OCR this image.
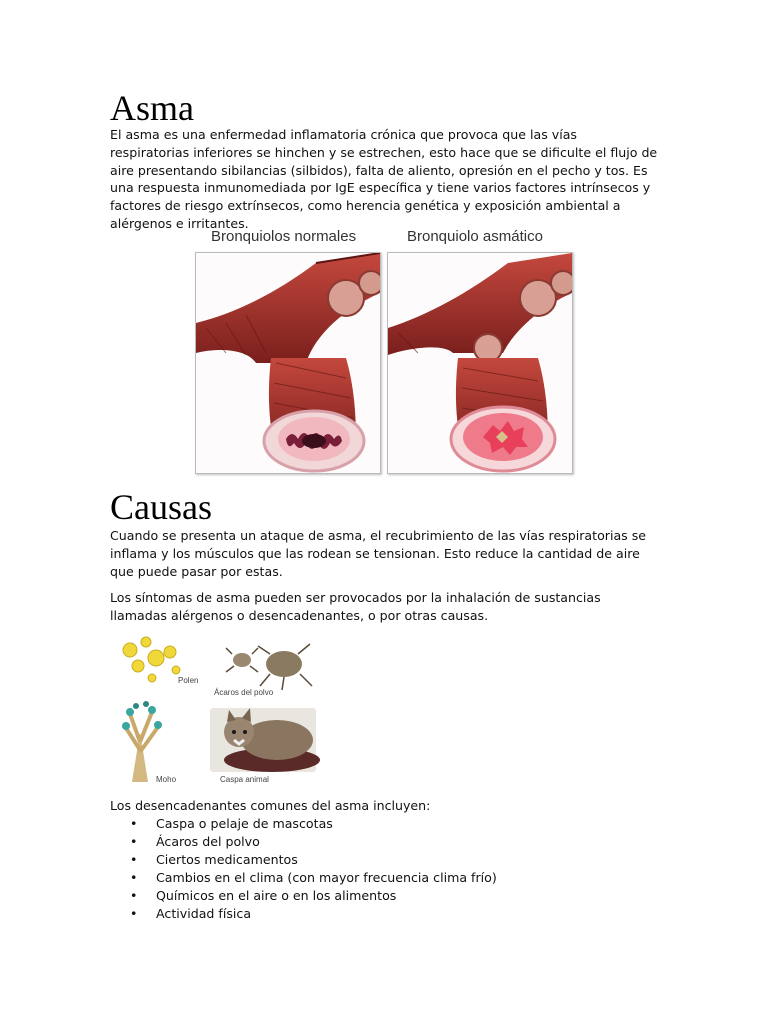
Asma

El asma es una enfermedad inflamatoria crónica que provoca que las vías respiratorias inferiores se hinchen y se estrechen, esto hace que se dificulte el flujo de aire presentando sibilancias (silbidos), falta de aliento, opresión en el pecho y tos. Es una respuesta inmunomediada por IgE específica y tiene varios factores intrínsecos y factores de riesgo extrínsecos, como herencia genética y exposición ambiental a alérgenos e irritantes.

Bronquiolos normales	Bronquiolo asmático
Causas

Cuando se presenta un ataque de asma, el recubrimiento de las vías respiratorias se inflama y los músculos que las rodean se tensionan. Esto reduce la cantidad de aire que puede pasar por estas.

Los síntomas de asma pueden ser provocados por la inhalación de sustancias llamadas alérgenos o desencadenantes, o por otras causas.

Polen
Ácaros del polvo
Moho	Caspa animal
Los desencadenantes comunes del asma incluyen:
• Caspa o pelaje de mascotas
• Ácaros del polvo
• Ciertos medicamentos
• Cambios en el clima (con mayor frecuencia clima frío)
• Químicos en el aire o en los alimentos
• Actividad física
